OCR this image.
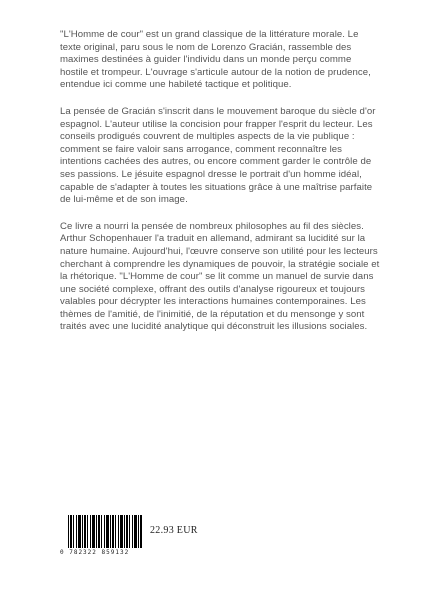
"L'Homme de cour" est un grand classique de la littérature morale. Le texte original, paru sous le nom de Lorenzo Gracián, rassemble des maximes destinées à guider l'individu dans un monde perçu comme hostile et trompeur. L'ouvrage s'articule autour de la notion de prudence, entendue ici comme une habileté tactique et politique.

La pensée de Gracián s'inscrit dans le mouvement baroque du siècle d'or espagnol. L'auteur utilise la concision pour frapper l'esprit du lecteur. Les conseils prodigués couvrent de multiples aspects de la vie publique : comment se faire valoir sans arrogance, comment reconnaître les intentions cachées des autres, ou encore comment garder le contrôle de ses passions. Le jésuite espagnol dresse le portrait d'un homme idéal, capable de s'adapter à toutes les situations grâce à une maîtrise parfaite de lui-même et de son image.

Ce livre a nourri la pensée de nombreux philosophes au fil des siècles. Arthur Schopenhauer l'a traduit en allemand, admirant sa lucidité sur la nature humaine. Aujourd'hui, l'œuvre conserve son utilité pour les lecteurs cherchant à comprendre les dynamiques de pouvoir, la stratégie sociale et la rhétorique. "L'Homme de cour" se lit comme un manuel de survie dans une société complexe, offrant des outils d'analyse rigoureux et toujours valables pour décrypter les interactions humaines contemporaines. Les thèmes de l'amitié, de l'inimitié, de la réputation et du mensonge y sont traités avec une lucidité analytique qui déconstruit les illusions sociales.

0 782322 859132
22.93 EUR
